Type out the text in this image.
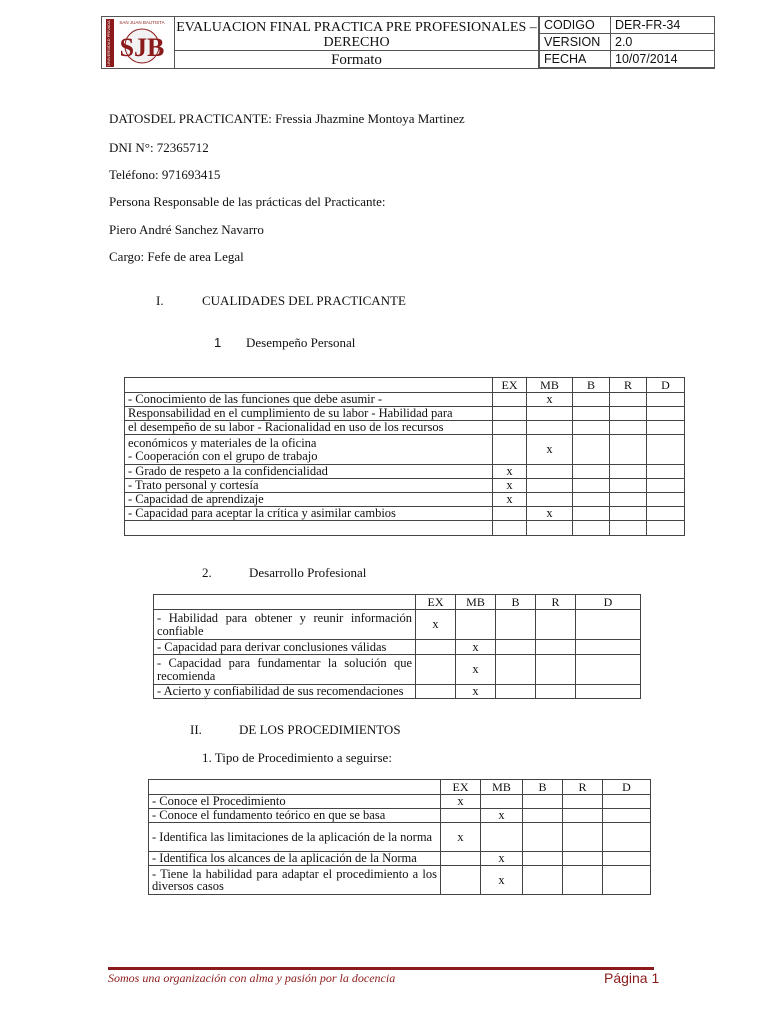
UNIVERSIDAD PRIVADA SAN JUAN BAUTISTA
SJB
EVALUACION FINAL PRACTICA PRE PROFESIONALES – DERECHO
Formato
CODIGO	DER-FR-34
VERSION	2.0
FECHA	10/07/2014
DATOSDEL PRACTICANTE: Fressia Jhazmine Montoya Martinez
DNI N°: 72365712
Teléfono: 971693415
Persona Responsable de las prácticas del Practicante:
Piero André Sanchez Navarro
Cargo: Fefe de area Legal
I.	CUALIDADES DEL PRACTICANTE
1 Desempeño Personal
	EX	MB	B	R	D
- Conocimiento de las funciones que debe asumir -		x			
Responsabilidad en el cumplimiento de su labor - Habilidad para					
el desempeño de su labor - Racionalidad en uso de los recursos					
económicos y materiales de la oficina
- Cooperación con el grupo de trabajo		x			
- Grado de respeto a la confidencialidad	x				
- Trato personal y cortesía	x				
- Capacidad de aprendizaje	x				
- Capacidad para aceptar la crítica y asimilar cambios		x			

2.	Desarrollo Profesional
	EX	MB	B	R	D
- Habilidad para obtener y reunir información confiable	x				
- Capacidad para derivar conclusiones válidas		x			
- Capacidad para fundamentar la solución que recomienda		x			
- Acierto y confiabilidad de sus recomendaciones		x			
II.	DE LOS PROCEDIMIENTOS
1. Tipo de Procedimiento a seguirse:
	EX	MB	B	R	D
- Conoce el Procedimiento	x				
- Conoce el fundamento teórico en que se basa		x			
- Identifica las limitaciones de la aplicación de la norma	x				
- Identifica los alcances de la aplicación de la Norma		x			
- Tiene la habilidad para adaptar el procedimiento a los diversos casos		x			
Somos una organización con alma y pasión por la docencia	Página 1
